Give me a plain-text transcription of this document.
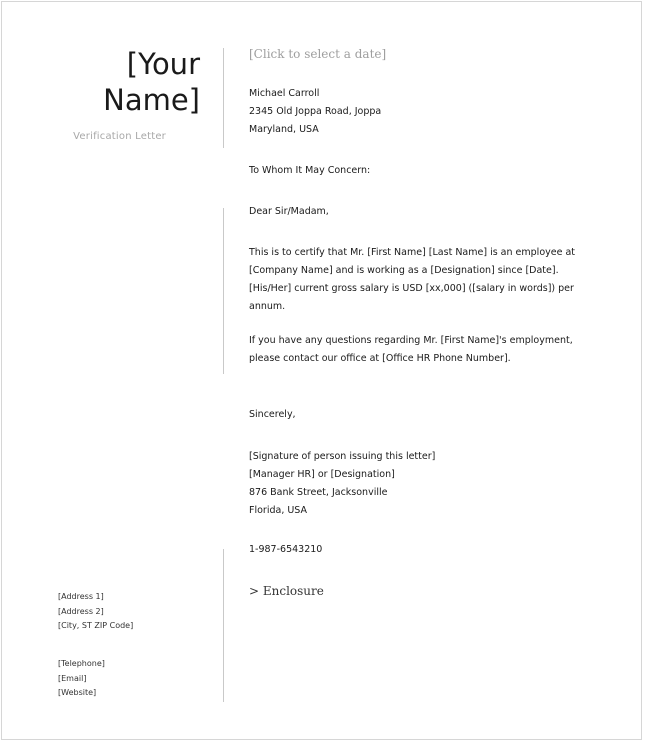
[Your
Name]
Verification Letter
[Address 1]
[Address 2]
[City, ST ZIP Code]
[Telephone]
[Email]
[Website]
[Click to select a date]
Michael Carroll
2345 Old Joppa Road, Joppa
Maryland, USA
To Whom It May Concern:
Dear Sir/Madam,
This is to certify that Mr. [First Name] [Last Name] is an employee at
[Company Name] and is working as a [Designation] since [Date].
[His/Her] current gross salary is USD [xx,000] ([salary in words]) per
annum.
If you have any questions regarding Mr. [First Name]'s employment,
please contact our office at [Office HR Phone Number].
Sincerely,
[Signature of person issuing this letter]
[Manager HR] or [Designation]
876 Bank Street, Jacksonville
Florida, USA
1-987-6543210
> Enclosure
